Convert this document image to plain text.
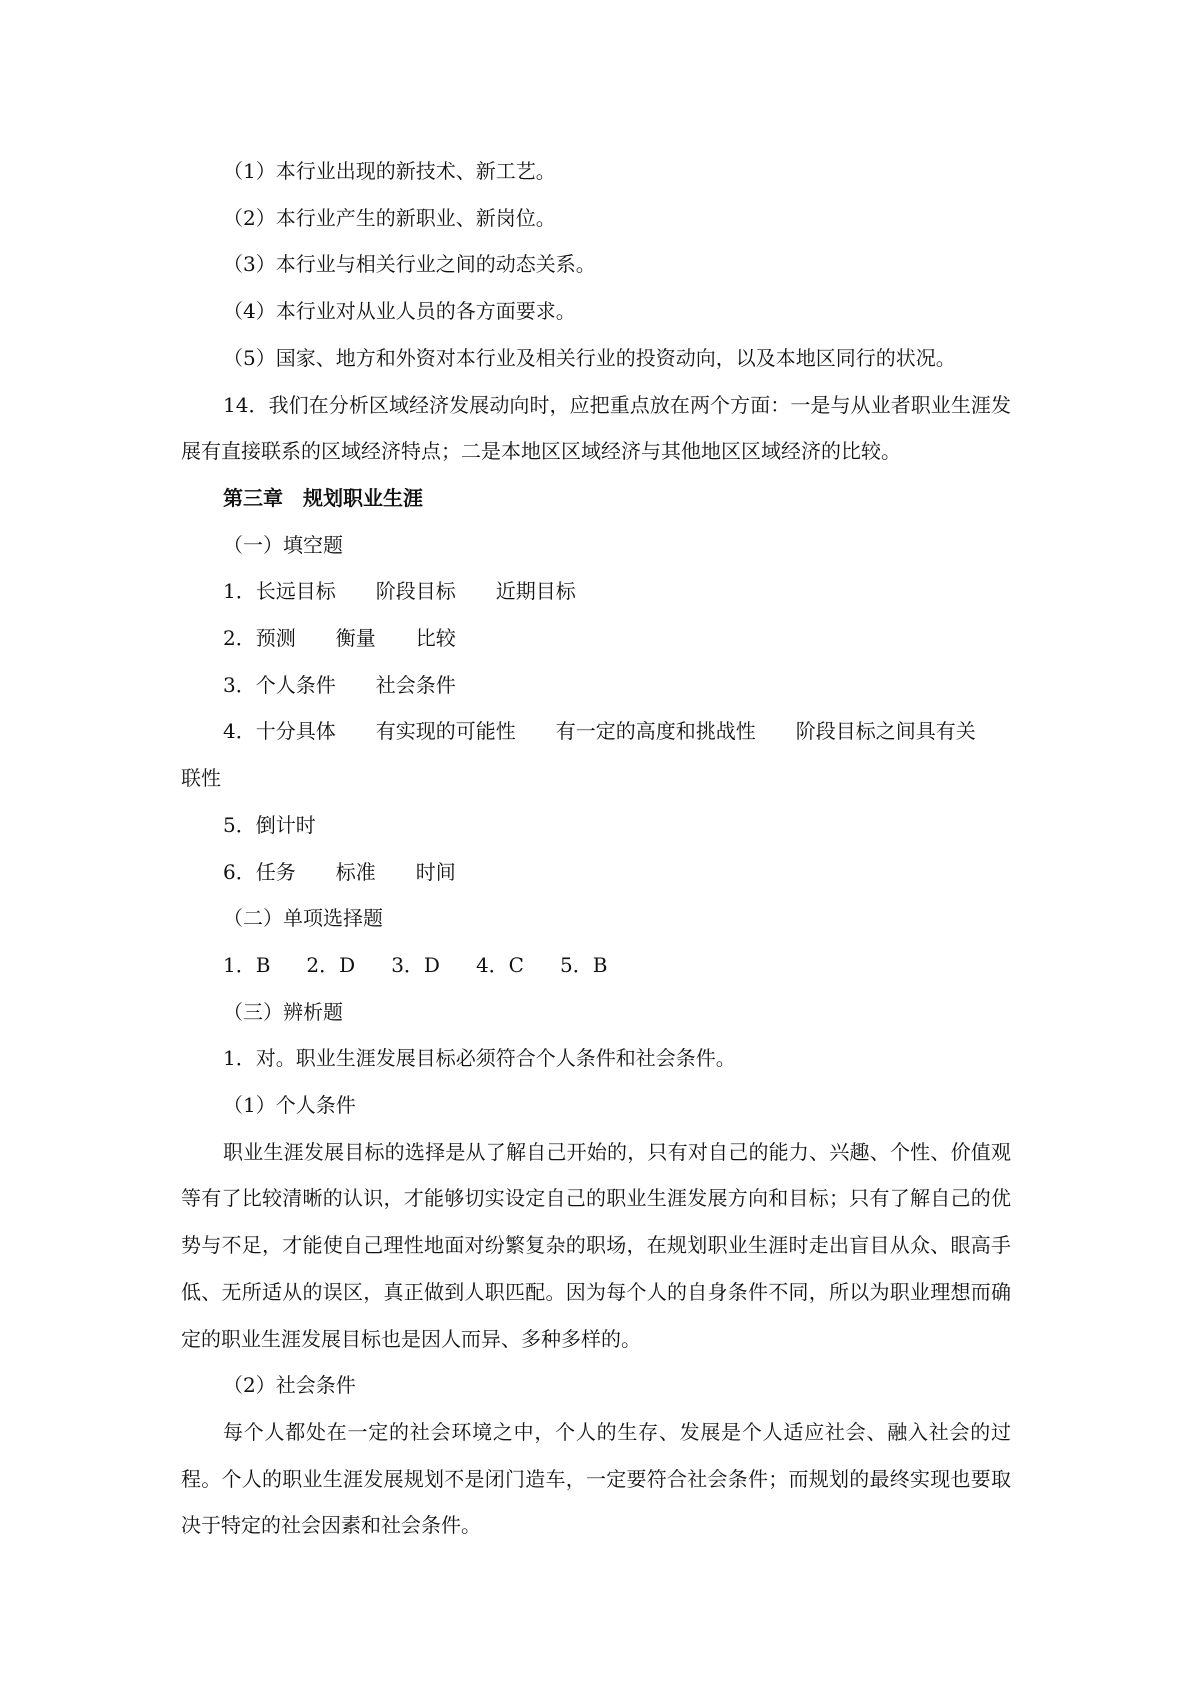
（1）本行业出现的新技术、新工艺。
（2）本行业产生的新职业、新岗位。
（3）本行业与相关行业之间的动态关系。
（4）本行业对从业人员的各方面要求。
（5）国家、地方和外资对本行业及相关行业的投资动向，以及本地区同行的状况。
14．我们在分析区域经济发展动向时，应把重点放在两个方面：一是与从业者职业生涯发展有直接联系的区域经济特点；二是本地区区域经济与其他地区区域经济的比较。
第三章　规划职业生涯
（一）填空题
1．长远目标 阶段目标 近期目标
2．预测 衡量 比较
3．个人条件 社会条件
4．十分具体 有实现的可能性 有一定的高度和挑战性 阶段目标之间具有关
联性
5．倒计时
6．任务 标准 时间
（二）单项选择题
1．B 2．D 3．D 4．C 5．B
（三）辨析题
1．对。职业生涯发展目标必须符合个人条件和社会条件。
（1）个人条件
职业生涯发展目标的选择是从了解自己开始的，只有对自己的能力、兴趣、个性、价值观等有了比较清晰的认识，才能够切实设定自己的职业生涯发展方向和目标；只有了解自己的优势与不足，才能使自己理性地面对纷繁复杂的职场，在规划职业生涯时走出盲目从众、眼高手低、无所适从的误区，真正做到人职匹配。因为每个人的自身条件不同，所以为职业理想而确定的职业生涯发展目标也是因人而异、多种多样的。
（2）社会条件
每个人都处在一定的社会环境之中，个人的生存、发展是个人适应社会、融入社会的过程。个人的职业生涯发展规划不是闭门造车，一定要符合社会条件；而规划的最终实现也要取决于特定的社会因素和社会条件。
